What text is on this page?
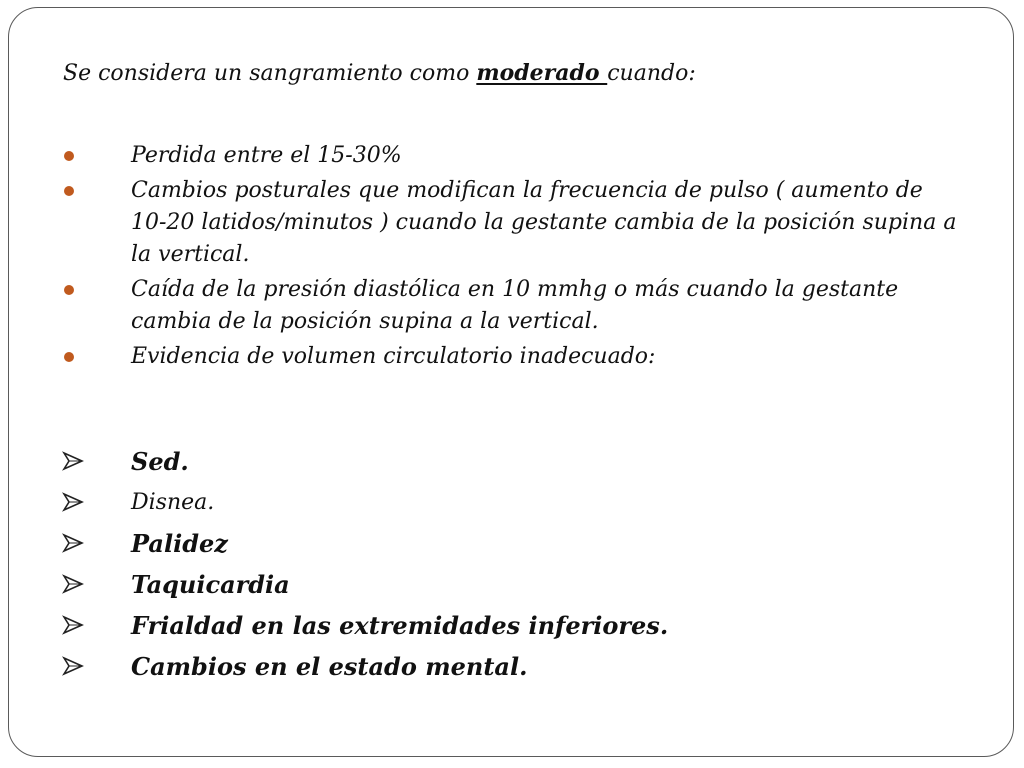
Se considera un sangramiento como moderado cuando:
Perdida entre el 15-30%
Cambios posturales que modifican la frecuencia de pulso ( aumento de 10-20 latidos/minutos ) cuando la gestante cambia de la posición supina a la vertical.
Caída de la presión diastólica en 10 mmhg o más cuando la gestante cambia de la posición supina a la vertical.
Evidencia de volumen circulatorio inadecuado:
Sed.
Disnea.
Palidez
Taquicardia
Frialdad en las extremidades inferiores.
Cambios en el estado mental.
